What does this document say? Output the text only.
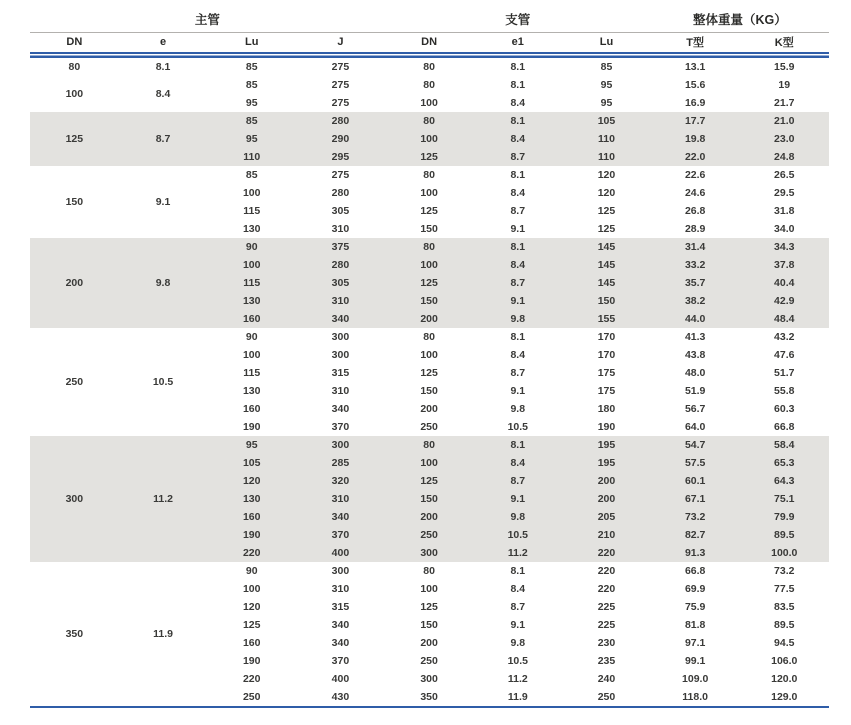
主管				支管			整体重量（KG）	
DN	e	Lu	J	DN	e1	Lu	T型	K型

80	8.1	85	275	80	8.1	85	13.1	15.9
100	8.4	85	275	80	8.1	95	15.6	19
		95	275	100	8.4	95	16.9	21.7
125	8.7	85	280	80	8.1	105	17.7	21.0
		95	290	100	8.4	110	19.8	23.0
		110	295	125	8.7	110	22.0	24.8
150	9.1	85	275	80	8.1	120	22.6	26.5
		100	280	100	8.4	120	24.6	29.5
		115	305	125	8.7	125	26.8	31.8
		130	310	150	9.1	125	28.9	34.0
200	9.8	90	375	80	8.1	145	31.4	34.3
		100	280	100	8.4	145	33.2	37.8
		115	305	125	8.7	145	35.7	40.4
		130	310	150	9.1	150	38.2	42.9
		160	340	200	9.8	155	44.0	48.4
250	10.5	90	300	80	8.1	170	41.3	43.2
		100	300	100	8.4	170	43.8	47.6
		115	315	125	8.7	175	48.0	51.7
		130	310	150	9.1	175	51.9	55.8
		160	340	200	9.8	180	56.7	60.3
		190	370	250	10.5	190	64.0	66.8
300	11.2	95	300	80	8.1	195	54.7	58.4
		105	285	100	8.4	195	57.5	65.3
		120	320	125	8.7	200	60.1	64.3
		130	310	150	9.1	200	67.1	75.1
		160	340	200	9.8	205	73.2	79.9
		190	370	250	10.5	210	82.7	89.5
		220	400	300	11.2	220	91.3	100.0
350	11.9	90	300	80	8.1	220	66.8	73.2
		100	310	100	8.4	220	69.9	77.5
		120	315	125	8.7	225	75.9	83.5
		125	340	150	9.1	225	81.8	89.5
		160	340	200	9.8	230	97.1	94.5
		190	370	250	10.5	235	99.1	106.0
		220	400	300	11.2	240	109.0	120.0
		250	430	350	11.9	250	118.0	129.0
